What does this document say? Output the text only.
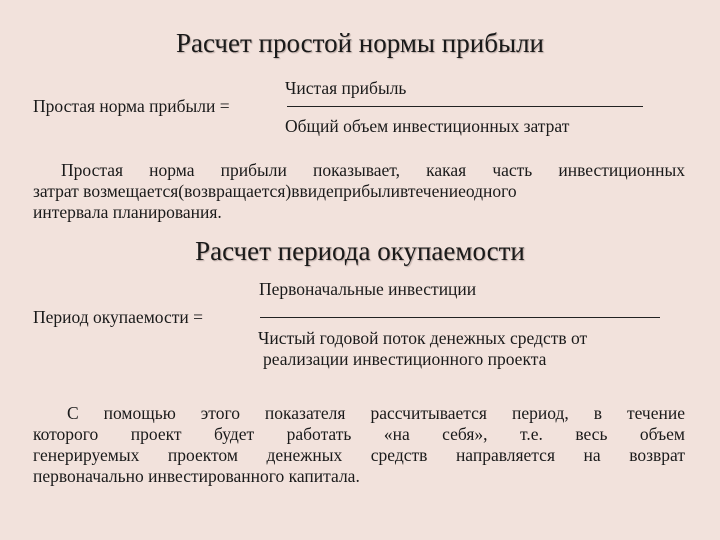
Расчет простой нормы прибыли
Чистая прибыль
Простая норма прибыли =
Общий объем инвестиционных затрат
Простая норма прибыли показывает, какая часть инвестиционных
затрат возмещается(возвращается)ввидеприбыливтечениеодного
интервала планирования.
Расчет периода окупаемости
Первоначальные инвестиции
Период окупаемости =
Чистый годовой поток денежных средств от
реализации инвестиционного проекта
С помощью этого показателя рассчитывается период, в течение
которого проект будет работать «на себя», т.е. весь объем
генерируемых проектом денежных средств направляется на возврат
первоначально инвестированного капитала.
